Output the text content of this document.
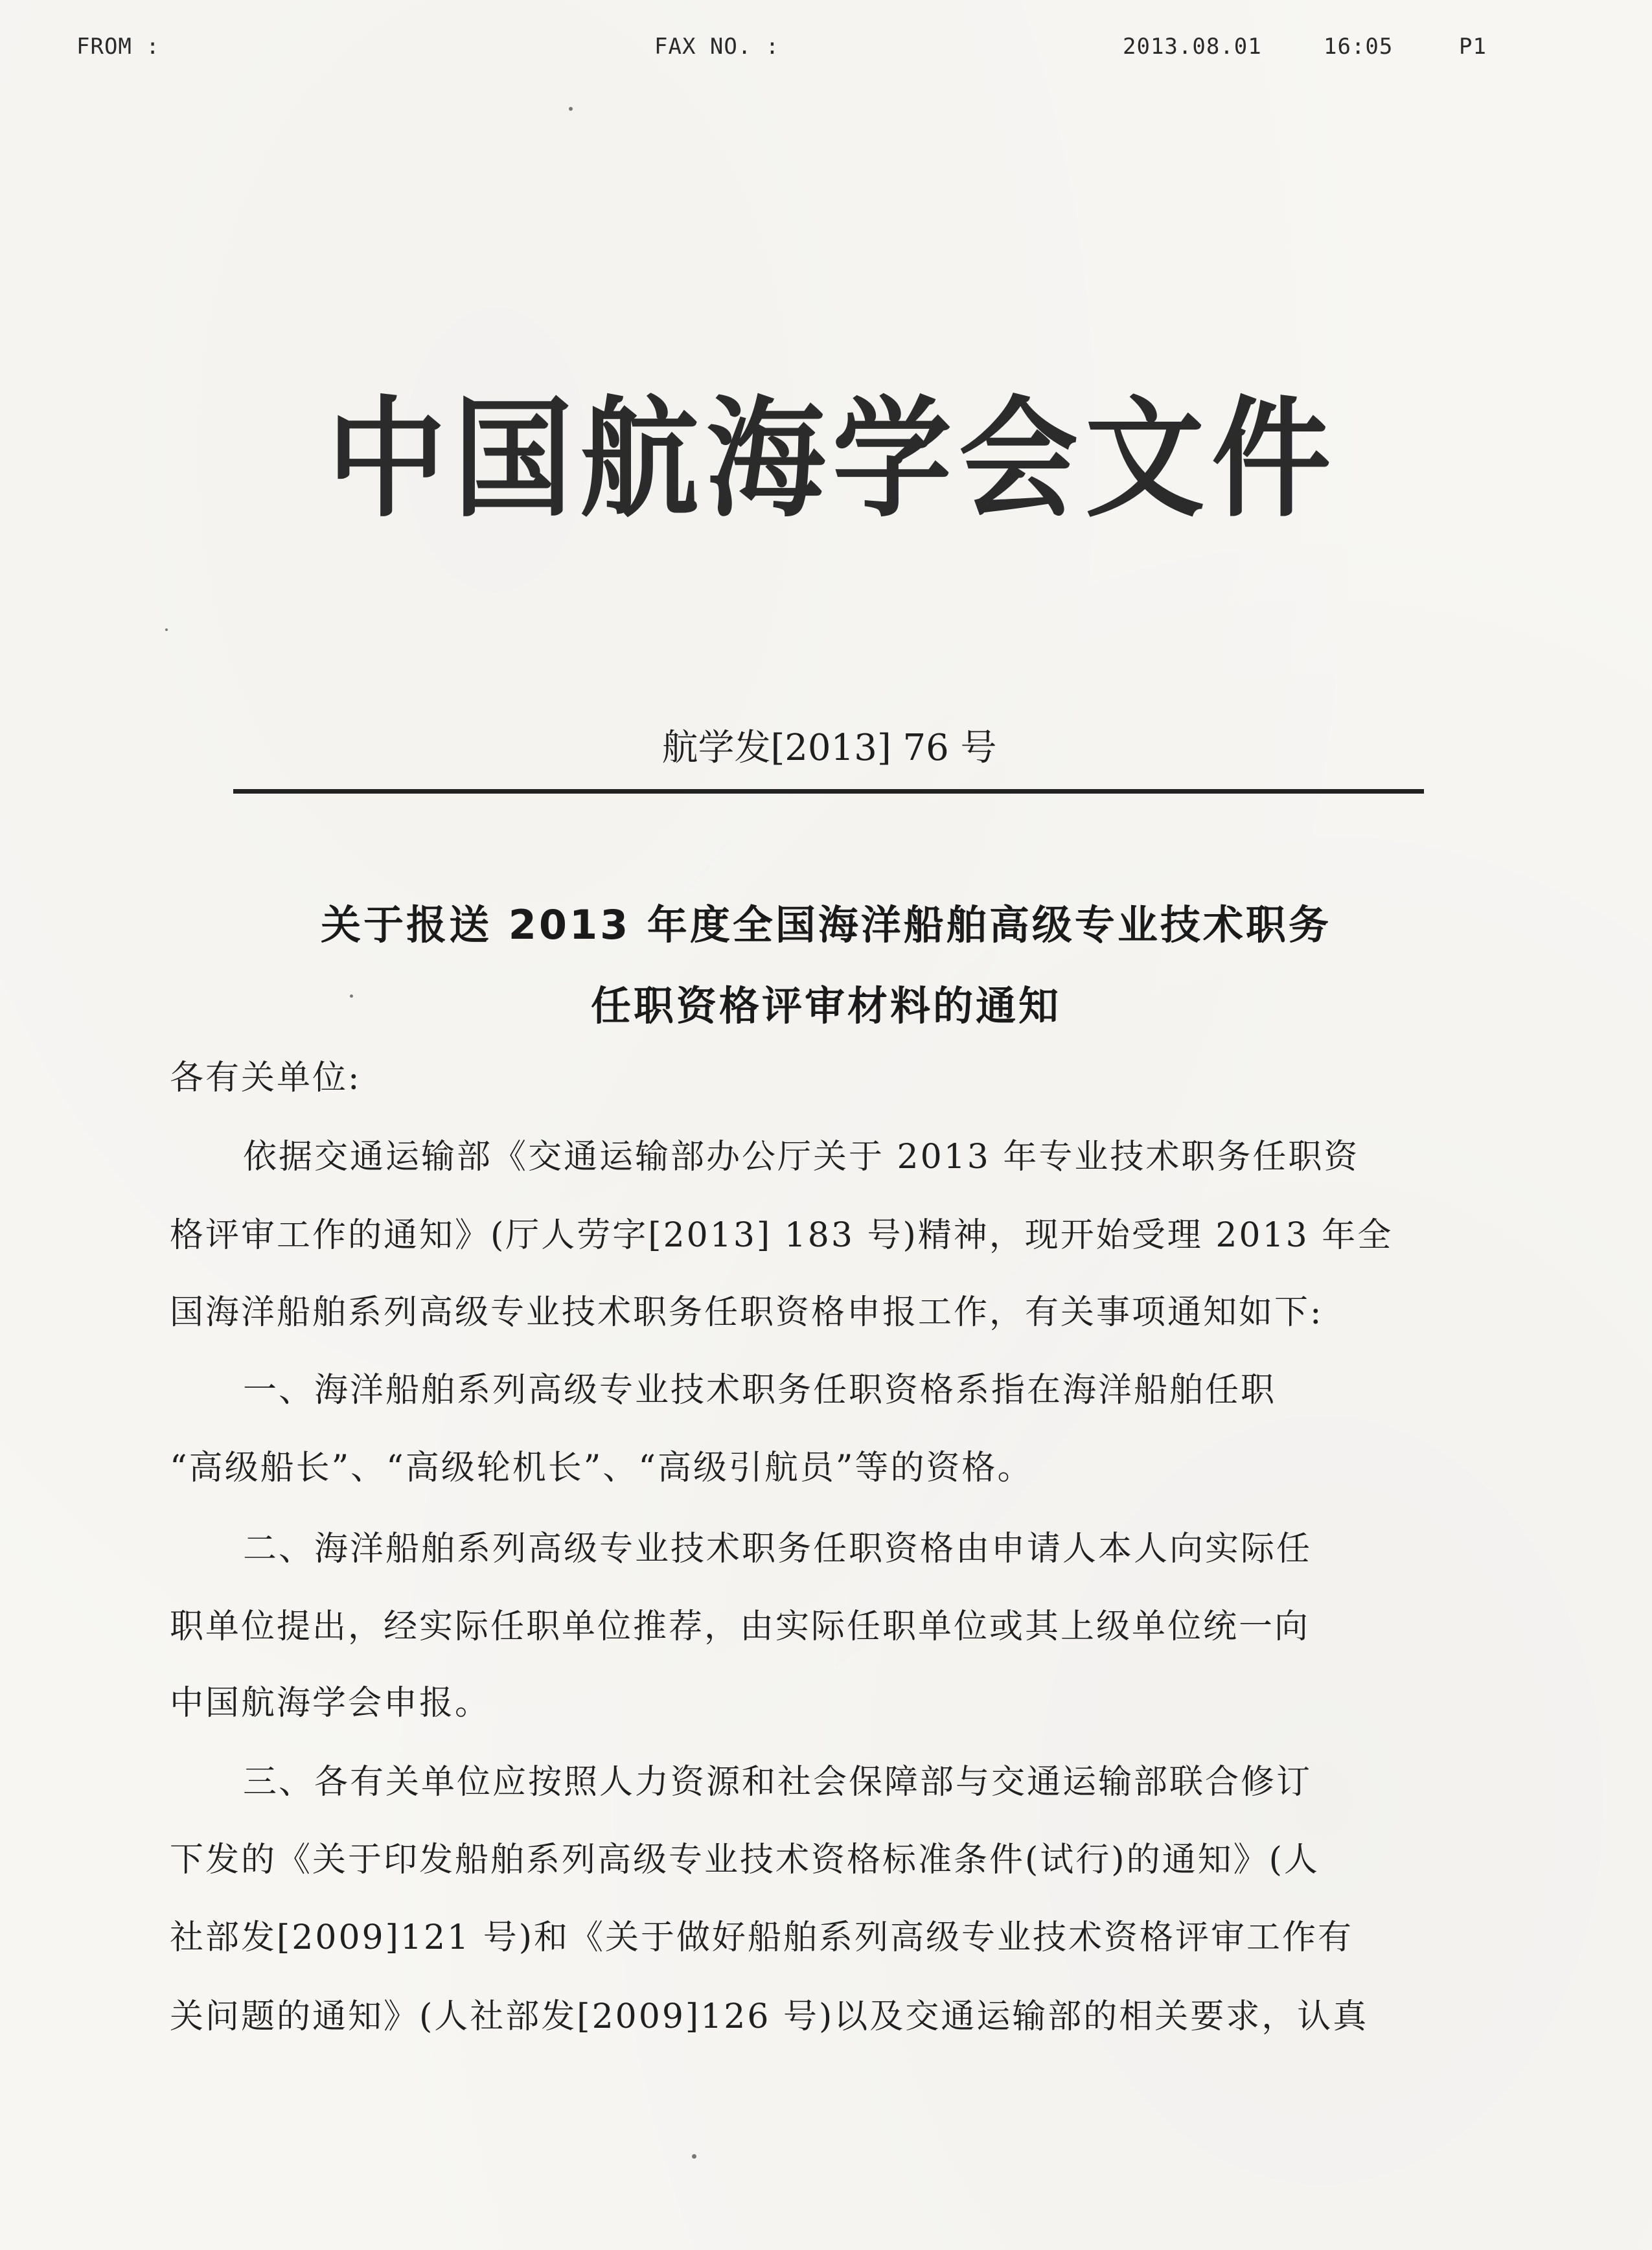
FROM :	FAX NO. :	2013.08.01	16:05	P1
中国航海学会文件
航学发[2013] 76 号
关于报送 2013 年度全国海洋船舶高级专业技术职务
任职资格评审材料的通知
各有关单位:
依据交通运输部《交通运输部办公厅关于 2013 年专业技术职务任职资
格评审工作的通知》(厅人劳字[2013] 183 号)精神，现开始受理 2013 年全
国海洋船舶系列高级专业技术职务任职资格申报工作，有关事项通知如下:
一、海洋船舶系列高级专业技术职务任职资格系指在海洋船舶任职
“高级船长”、“高级轮机长”、“高级引航员”等的资格。
二、海洋船舶系列高级专业技术职务任职资格由申请人本人向实际任
职单位提出，经实际任职单位推荐，由实际任职单位或其上级单位统一向
中国航海学会申报。
三、各有关单位应按照人力资源和社会保障部与交通运输部联合修订
下发的《关于印发船舶系列高级专业技术资格标准条件(试行)的通知》(人
社部发[2009]121 号)和《关于做好船舶系列高级专业技术资格评审工作有
关问题的通知》(人社部发[2009]126 号)以及交通运输部的相关要求，认真
